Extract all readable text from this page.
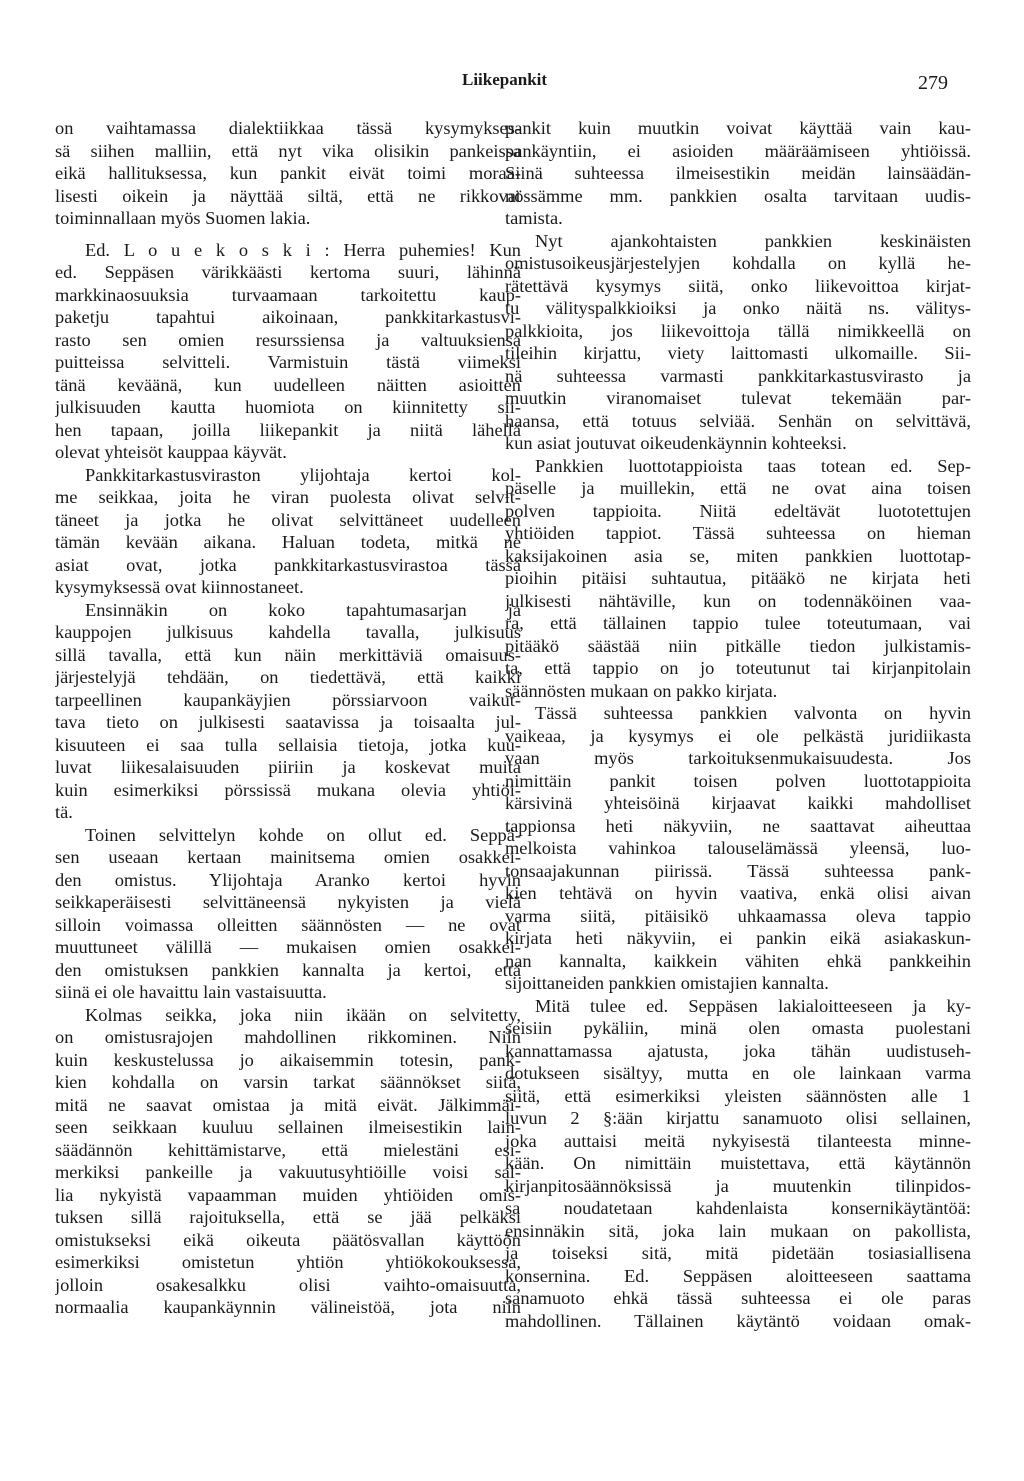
Liikepankit	279
on vaihtamassa dialektiikkaa tässä kysymykses-
sä siihen malliin, että nyt vika olisikin pankeissa
eikä hallituksessa, kun pankit eivät toimi moraa-
lisesti oikein ja näyttää siltä, että ne rikkovat
toiminnallaan myös Suomen lakia.
Ed. L o u e k o s k i : Herra puhemies! Kun
ed. Seppäsen värikkäästi kertoma suuri, lähinnä
markkinaosuuksia turvaamaan tarkoitettu kaup-
paketju tapahtui aikoinaan, pankkitarkastusvi-
rasto sen omien resurssiensa ja valtuuksiensa
puitteissa selvitteli. Varmistuin tästä viimeksi
tänä keväänä, kun uudelleen näitten asioitten
julkisuuden kautta huomiota on kiinnitetty sii-
hen tapaan, joilla liikepankit ja niitä lähellä
olevat yhteisöt kauppaa käyvät.
Pankkitarkastusviraston ylijohtaja kertoi kol-
me seikkaa, joita he viran puolesta olivat selvit-
täneet ja jotka he olivat selvittäneet uudelleen
tämän kevään aikana. Haluan todeta, mitkä ne
asiat ovat, jotka pankkitarkastusvirastoa tässä
kysymyksessä ovat kiinnostaneet.
Ensinnäkin on koko tapahtumasarjan ja
kauppojen julkisuus kahdella tavalla, julkisuus
sillä tavalla, että kun näin merkittäviä omaisuus-
järjestelyjä tehdään, on tiedettävä, että kaikki
tarpeellinen kaupankäyjien pörssiarvoon vaikut-
tava tieto on julkisesti saatavissa ja toisaalta jul-
kisuuteen ei saa tulla sellaisia tietoja, jotka kuu-
luvat liikesalaisuuden piiriin ja koskevat muita
kuin esimerkiksi pörssissä mukana olevia yhtiöi-
tä.
Toinen selvittelyn kohde on ollut ed. Seppä-
sen useaan kertaan mainitsema omien osakkei-
den omistus. Ylijohtaja Aranko kertoi hyvin
seikkaperäisesti selvittäneensä nykyisten ja vielä
silloin voimassa olleitten säännösten — ne ovat
muuttuneet välillä — mukaisen omien osakkei-
den omistuksen pankkien kannalta ja kertoi, että
siinä ei ole havaittu lain vastaisuutta.
Kolmas seikka, joka niin ikään on selvitetty,
on omistusrajojen mahdollinen rikkominen. Niin
kuin keskustelussa jo aikaisemmin totesin, pank-
kien kohdalla on varsin tarkat säännökset siitä,
mitä ne saavat omistaa ja mitä eivät. Jälkimmäi-
seen seikkaan kuuluu sellainen ilmeisestikin lain-
säädännön kehittämistarve, että mielestäni esi-
merkiksi pankeille ja vakuutusyhtiöille voisi sal-
lia nykyistä vapaamman muiden yhtiöiden omis-
tuksen sillä rajoituksella, että se jää pelkäksi
omistukseksi eikä oikeuta päätösvallan käyttöön
esimerkiksi omistetun yhtiön yhtiökokouksessa,
jolloin osakesalkku olisi vaihto-omaisuutta,
normaalia kaupankäynnin välineistöä, jota niin
pankit kuin muutkin voivat käyttää vain kau-
pankäyntiin, ei asioiden määräämiseen yhtiöissä.
Siinä suhteessa ilmeisestikin meidän lainsäädän-
nössämme mm. pankkien osalta tarvitaan uudis-
tamista.
Nyt ajankohtaisten pankkien keskinäisten
omistusoikeusjärjestelyjen kohdalla on kyllä he-
rätettävä kysymys siitä, onko liikevoittoa kirjat-
tu välityspalkkioiksi ja onko näitä ns. välitys-
palkkioita, jos liikevoittoja tällä nimikkeellä on
tileihin kirjattu, viety laittomasti ulkomaille. Sii-
nä suhteessa varmasti pankkitarkastusvirasto ja
muutkin viranomaiset tulevat tekemään par-
haansa, että totuus selviää. Senhän on selvittävä,
kun asiat joutuvat oikeudenkäynnin kohteeksi.
Pankkien luottotappioista taas totean ed. Sep-
päselle ja muillekin, että ne ovat aina toisen
polven tappioita. Niitä edeltävät luototettujen
yhtiöiden tappiot. Tässä suhteessa on hieman
kaksijakoinen asia se, miten pankkien luottotap-
pioihin pitäisi suhtautua, pitääkö ne kirjata heti
julkisesti nähtäville, kun on todennäköinen vaa-
ra, että tällainen tappio tulee toteutumaan, vai
pitääkö säästää niin pitkälle tiedon julkistamis-
ta, että tappio on jo toteutunut tai kirjanpitolain
säännösten mukaan on pakko kirjata.
Tässä suhteessa pankkien valvonta on hyvin
vaikeaa, ja kysymys ei ole pelkästä juridiikasta
vaan myös tarkoituksenmukaisuudesta. Jos
nimittäin pankit toisen polven luottotappioita
kärsivinä yhteisöinä kirjaavat kaikki mahdolliset
tappionsa heti näkyviin, ne saattavat aiheuttaa
melkoista vahinkoa talouselämässä yleensä, luo-
tonsaajakunnan piirissä. Tässä suhteessa pank-
kien tehtävä on hyvin vaativa, enkä olisi aivan
varma siitä, pitäisikö uhkaamassa oleva tappio
kirjata heti näkyviin, ei pankin eikä asiakaskun-
nan kannalta, kaikkein vähiten ehkä pankkeihin
sijoittaneiden pankkien omistajien kannalta.
Mitä tulee ed. Seppäsen lakialoitteeseen ja ky-
seisiin pykäliin, minä olen omasta puolestani
kannattamassa ajatusta, joka tähän uudistuseh-
dotukseen sisältyy, mutta en ole lainkaan varma
siitä, että esimerkiksi yleisten säännösten alle 1
luvun 2 §:ään kirjattu sanamuoto olisi sellainen,
joka auttaisi meitä nykyisestä tilanteesta minne-
kään. On nimittäin muistettava, että käytännön
kirjanpitosäännöksissä ja muutenkin tilinpidos-
sa noudatetaan kahdenlaista konsernikäytäntöä:
ensinnäkin sitä, joka lain mukaan on pakollista,
ja toiseksi sitä, mitä pidetään tosiasiallisena
konsernina. Ed. Seppäsen aloitteeseen saattama
sanamuoto ehkä tässä suhteessa ei ole paras
mahdollinen. Tällainen käytäntö voidaan omak-
